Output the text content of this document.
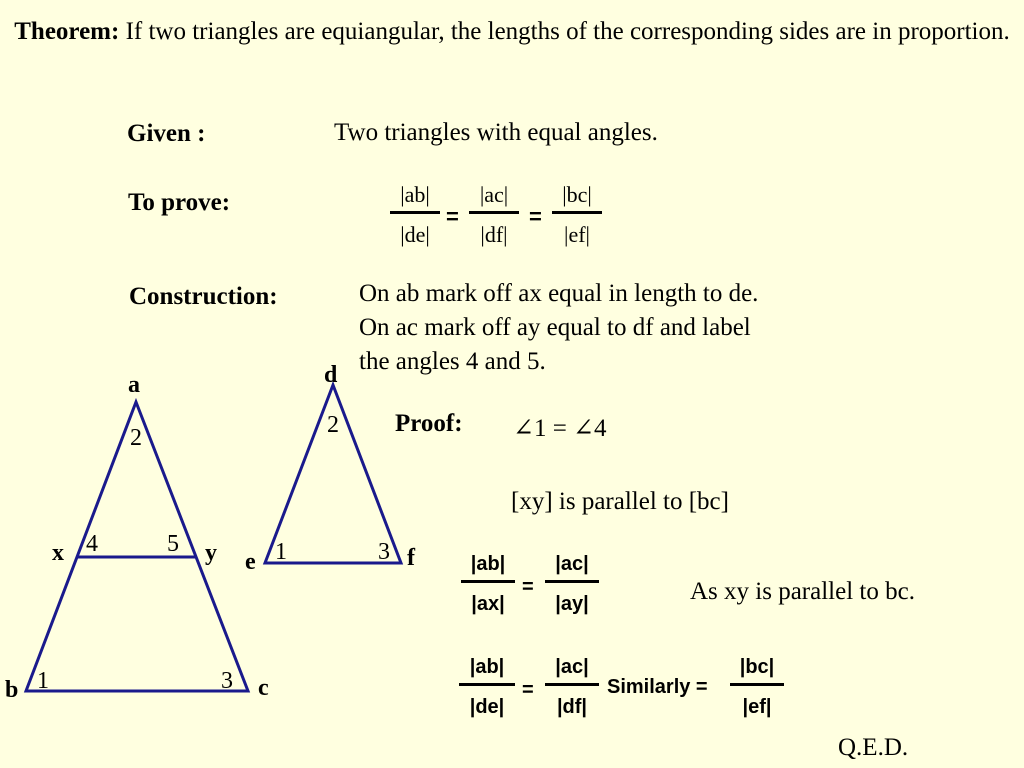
Theorem: If two triangles are equiangular, the lengths of the corresponding sides are in proportion.
Given :	Two triangles with equal angles.
To prove:	|ab|
|de|
=
|ac|
|df|
=
|bc|
|ef|
Construction:	On ab mark off ax equal in length to de.
On ac mark off ay equal to df and label
the angles 4 and 5.
Proof: ∠1 = ∠4
[xy] is parallel to [bc]
|ab|
|ax|
=
|ac|
|ay|	As xy is parallel to bc.
|ab|
|de|
=
|ac|
|df|
Similarly =
|bc|
|ef|
Q.E.D.
a
b	c
x	y
d
e	f
2
4	5
1	3
2
1	3
